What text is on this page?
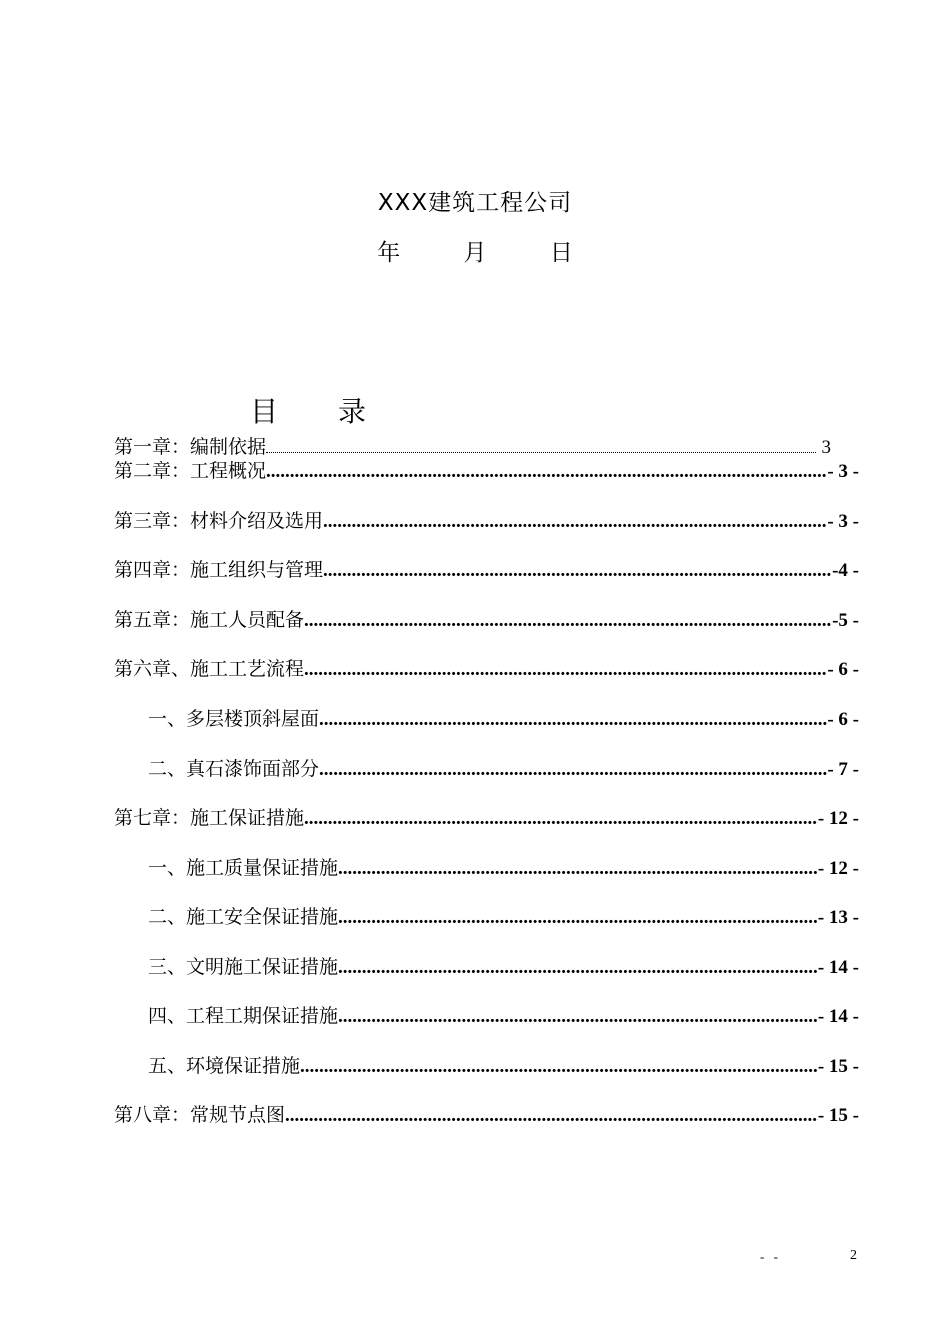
XXX建筑工程公司
年	月	日
目 录
第一章：编制依据	3
第二章：工程概况 .....	- 3 -
第三章：材料介绍及选用 .....	- 3 -
第四章：施工组织与管理 .....	-4 -
第五章：施工人员配备 .....	-5 -
第六章、施工工艺流程 .....	- 6 -
一、多层楼顶斜屋面 .....	- 6 -
二、真石漆饰面部分 .....	- 7 -
第七章：施工保证措施 .....	- 12 -
一、施工质量保证措施 .....	- 12 -
二、施工安全保证措施 .....	- 13 -
三、文明施工保证措施 .....	- 14 -
四、工程工期保证措施 .....	- 14 -
五、环境保证措施 .....	- 15 -
第八章：常规节点图 .....	- 15 -
- -	2
